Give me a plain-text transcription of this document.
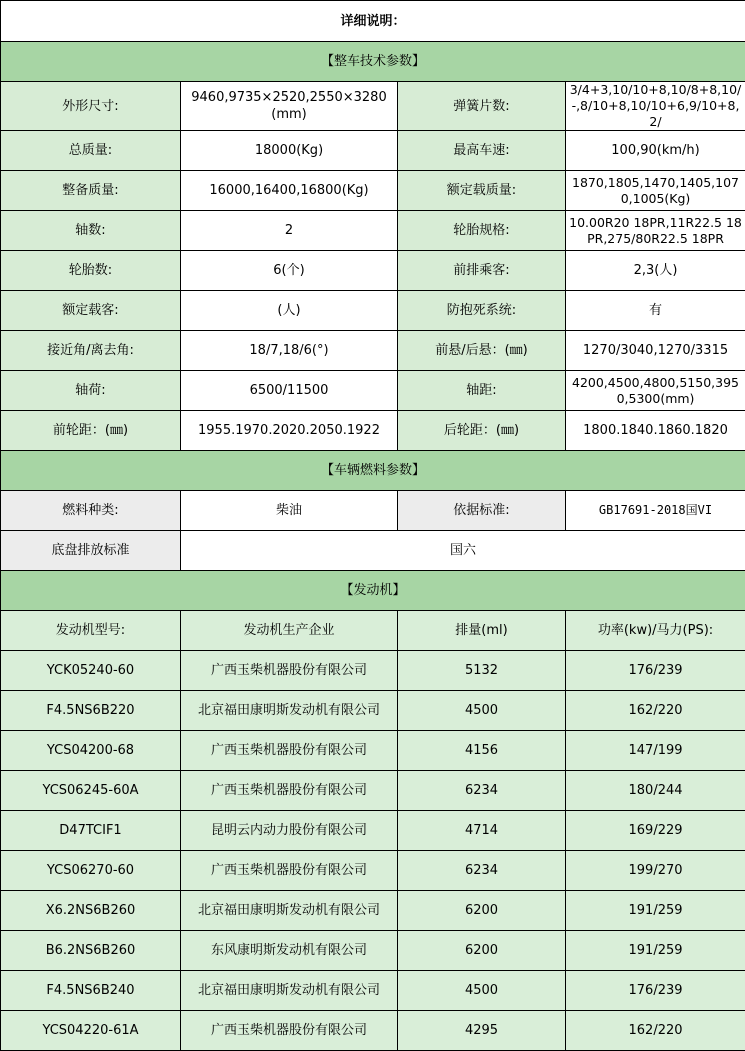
详细说明：			
【整车技术参数】			
外形尺寸:	9460,9735×2520,2550×3280(mm)	弹簧片数:	3/4+3,10/10+8,10/8+8,10/-,8/10+8,10/10+6,9/10+8,2/
总质量:	18000(Kg)	最高车速:	100,90(km/h)
整备质量:	16000,16400,16800(Kg)	额定载质量:	1870,1805,1470,1405,1070,1005(Kg)
轴数:	2	轮胎规格:	10.00R20 18PR,11R22.5 18PR,275/80R22.5 18PR
轮胎数:	6(个)	前排乘客:	2,3(人)
额定载客:	(人)	防抱死系统:	有
接近角/离去角:	18/7,18/6(°)	前悬/后悬：(㎜)	1270/3040,1270/3315
轴荷:	6500/11500	轴距:	4200,4500,4800,5150,3950,5300(mm)
前轮距：(㎜)	1955.1970.2020.2050.1922	后轮距：(㎜)	1800.1840.1860.1820
【车辆燃料参数】			
燃料种类:	柴油	依据标准:	GB17691-2018国VI
底盘排放标准	国六		
【发动机】			
发动机型号:	发动机生产企业	排量(ml)	功率(kw)/马力(PS):
YCK05240-60	广西玉柴机器股份有限公司	5132	176/239
F4.5NS6B220	北京福田康明斯发动机有限公司	4500	162/220
YCS04200-68	广西玉柴机器股份有限公司	4156	147/199
YCS06245-60A	广西玉柴机器股份有限公司	6234	180/244
D47TCIF1	昆明云内动力股份有限公司	4714	169/229
YCS06270-60	广西玉柴机器股份有限公司	6234	199/270
X6.2NS6B260	北京福田康明斯发动机有限公司	6200	191/259
B6.2NS6B260	东风康明斯发动机有限公司	6200	191/259
F4.5NS6B240	北京福田康明斯发动机有限公司	4500	176/239
YCS04220-61A	广西玉柴机器股份有限公司	4295	162/220
